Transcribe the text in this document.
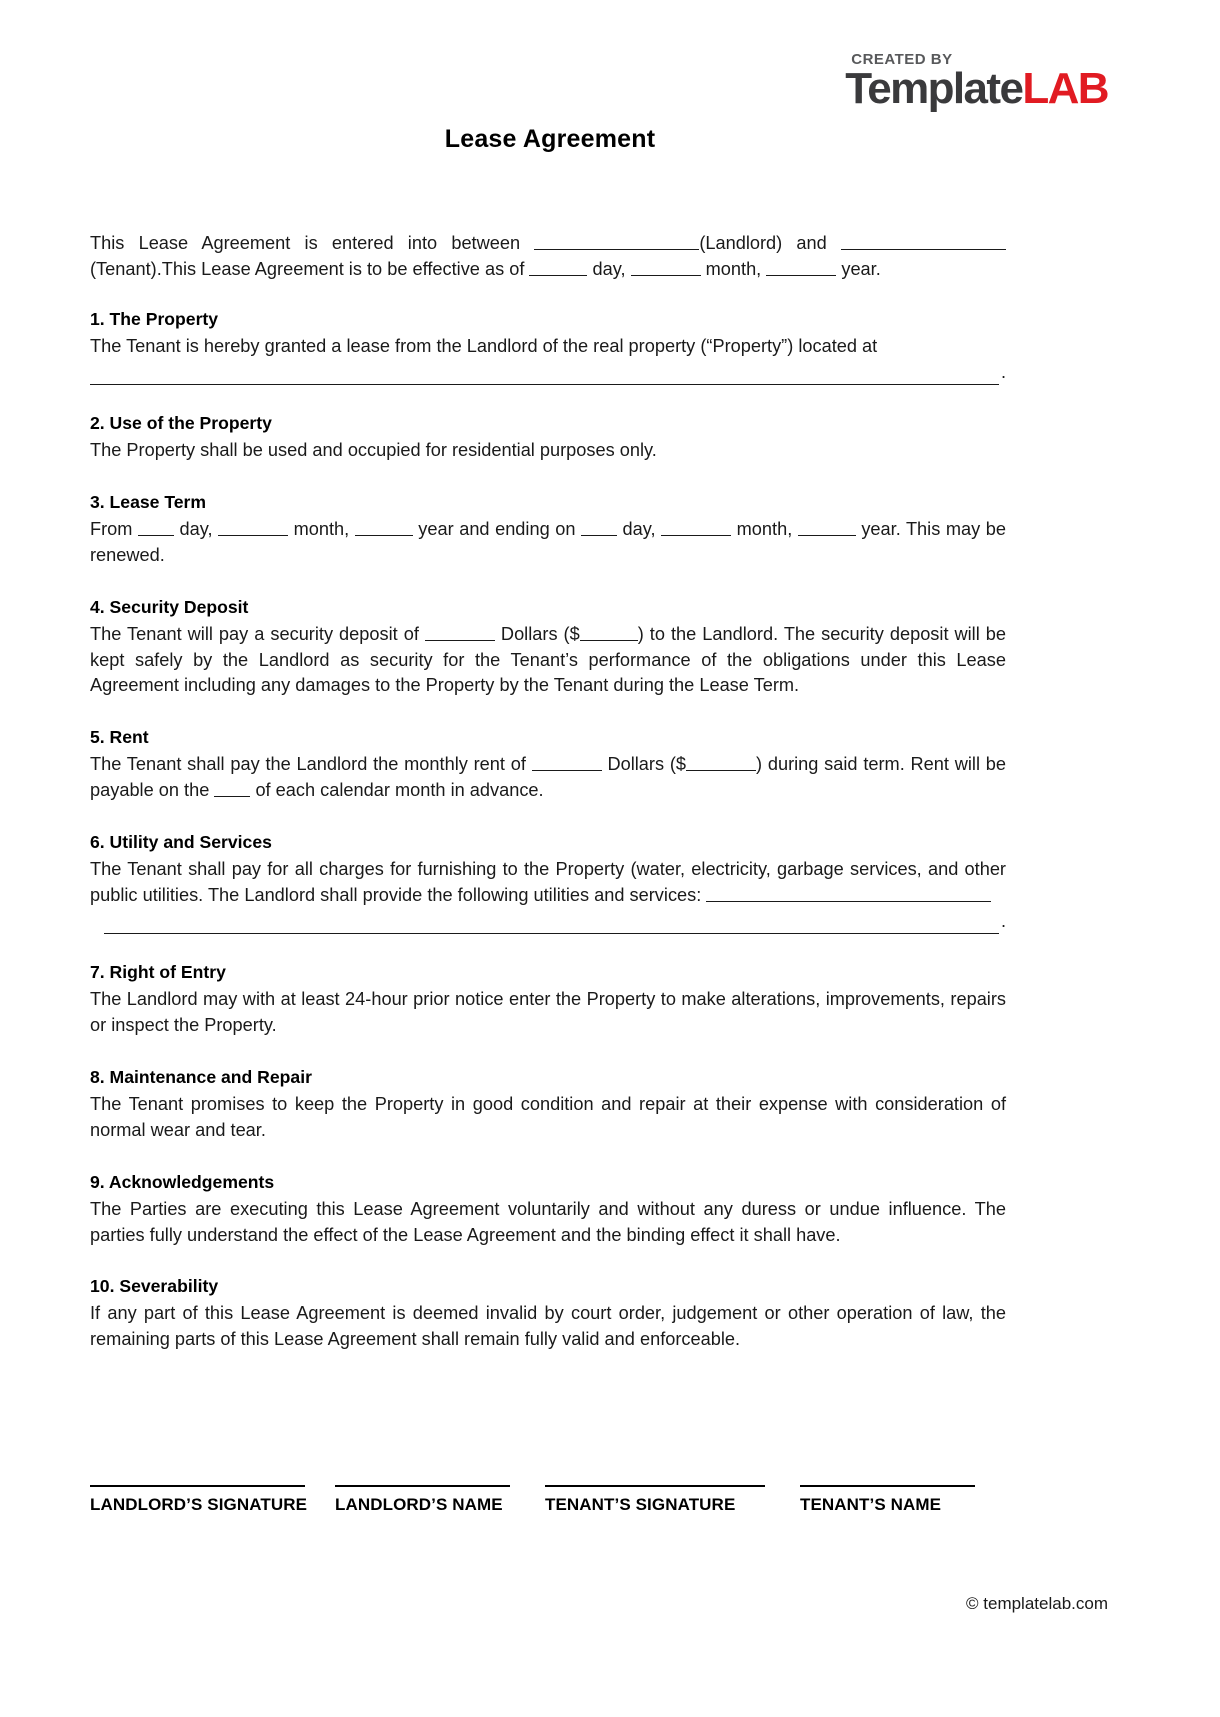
CREATED BY
TemplateLAB
Lease Agreement

This Lease Agreement is entered into between	(Landlord) and (Tenant).This Lease Agreement is to be effective as of	day,	month,	year.

1. The Property

The Tenant is hereby granted a lease from the Landlord of the real property (“Property”) located at

.
2. Use of the Property

The Property shall be used and occupied for residential purposes only.

3. Lease Term

From  day,	month,	year and ending on  day,	month,	year. This may be renewed.

4. Security Deposit

The Tenant will pay a security deposit of	Dollars ($	) to the Landlord. The security deposit will be kept safely by the Landlord as security for the Tenant’s performance of the obligations under this Lease Agreement including any damages to the Property by the Tenant during the Lease Term.

5. Rent

The Tenant shall pay the Landlord the monthly rent of	Dollars ($	) during said term. Rent will be payable on the  of each calendar month in advance.

6. Utility and Services

The Tenant shall pay for all charges for furnishing to the Property (water, electricity, garbage services, and other public utilities. The Landlord shall provide the following utilities and services:

.
7. Right of Entry

The Landlord may with at least 24-hour prior notice enter the Property to make alterations, improvements, repairs or inspect the Property.

8. Maintenance and Repair

The Tenant promises to keep the Property in good condition and repair at their expense with consideration of normal wear and tear.

9. Acknowledgements

The Parties are executing this Lease Agreement voluntarily and without any duress or undue influence. The parties fully understand the effect of the Lease Agreement and the binding effect it shall have.

10. Severability

If any part of this Lease Agreement is deemed invalid by court order, judgement or other operation of law, the remaining parts of this Lease Agreement shall remain fully valid and enforceable.

LANDLORD’S SIGNATURE	LANDLORD’S NAME	TENANT’S SIGNATURE	TENANT’S NAME
© templatelab.com
